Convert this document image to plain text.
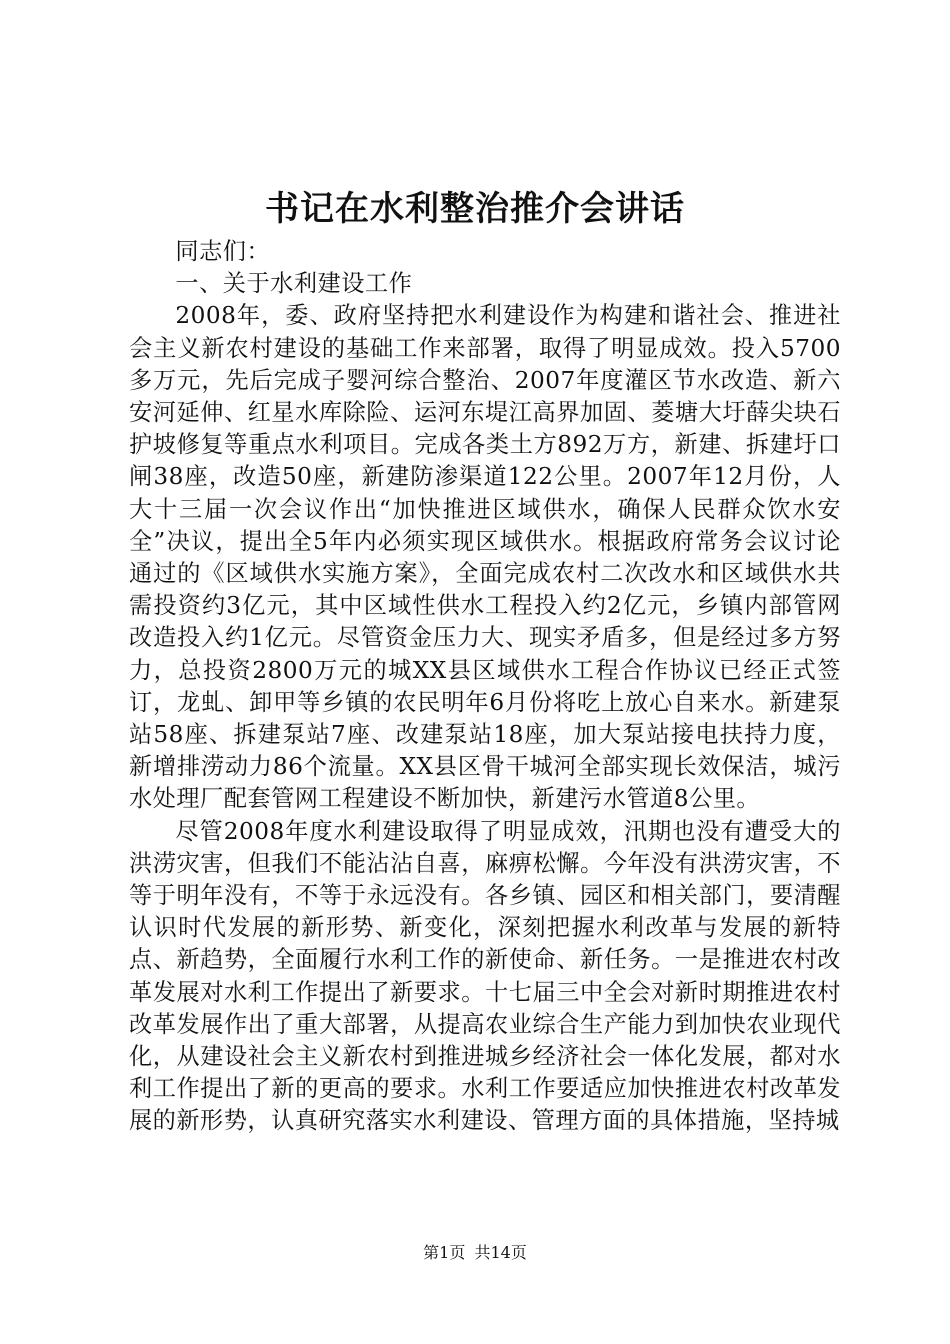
书记在水利整治推介会讲话

同志们：

一、关于水利建设工作

2008年，委、政府坚持把水利建设作为构建和谐社会、推进社会主义新农村建设的基础工作来部署，取得了明显成效。投入5700多万元，先后完成子婴河综合整治、2007年度灌区节水改造、新六安河延伸、红星水库除险、运河东堤江高界加固、菱塘大圩薛尖块石护坡修复等重点水利项目。完成各类土方892万方，新建、拆建圩口闸38座，改造50座，新建防渗渠道122公里。2007年12月份，人大十三届一次会议作出“加快推进区域供水，确保人民群众饮水安全”决议，提出全5年内必须实现区域供水。根据政府常务会议讨论通过的《区域供水实施方案》，全面完成农村二次改水和区域供水共需投资约3亿元，其中区域性供水工程投入约2亿元，乡镇内部管网改造投入约1亿元。尽管资金压力大、现实矛盾多，但是经过多方努力，总投资2800万元的城XX县区域供水工程合作协议已经正式签订，龙虬、卸甲等乡镇的农民明年6月份将吃上放心自来水。新建泵站58座、拆建泵站7座、改建泵站18座，加大泵站接电扶持力度，新增排涝动力86个流量。XX县区骨干城河全部实现长效保洁，城污水处理厂配套管网工程建设不断加快，新建污水管道8公里。

尽管2008年度水利建设取得了明显成效，汛期也没有遭受大的洪涝灾害，但我们不能沾沾自喜，麻痹松懈。今年没有洪涝灾害，不等于明年没有，不等于永远没有。各乡镇、园区和相关部门，要清醒认识时代发展的新形势、新变化，深刻把握水利改革与发展的新特点、新趋势，全面履行水利工作的新使命、新任务。一是推进农村改革发展对水利工作提出了新要求。十七届三中全会对新时期推进农村改革发展作出了重大部署，从提高农业综合生产能力到加快农业现代化，从建设社会主义新农村到推进城乡经济社会一体化发展，都对水利工作提出了新的更高的要求。水利工作要适应加快推进农村改革发展的新形势，认真研究落实水利建设、管理方面的具体措施，坚持城

第1页 共14页
